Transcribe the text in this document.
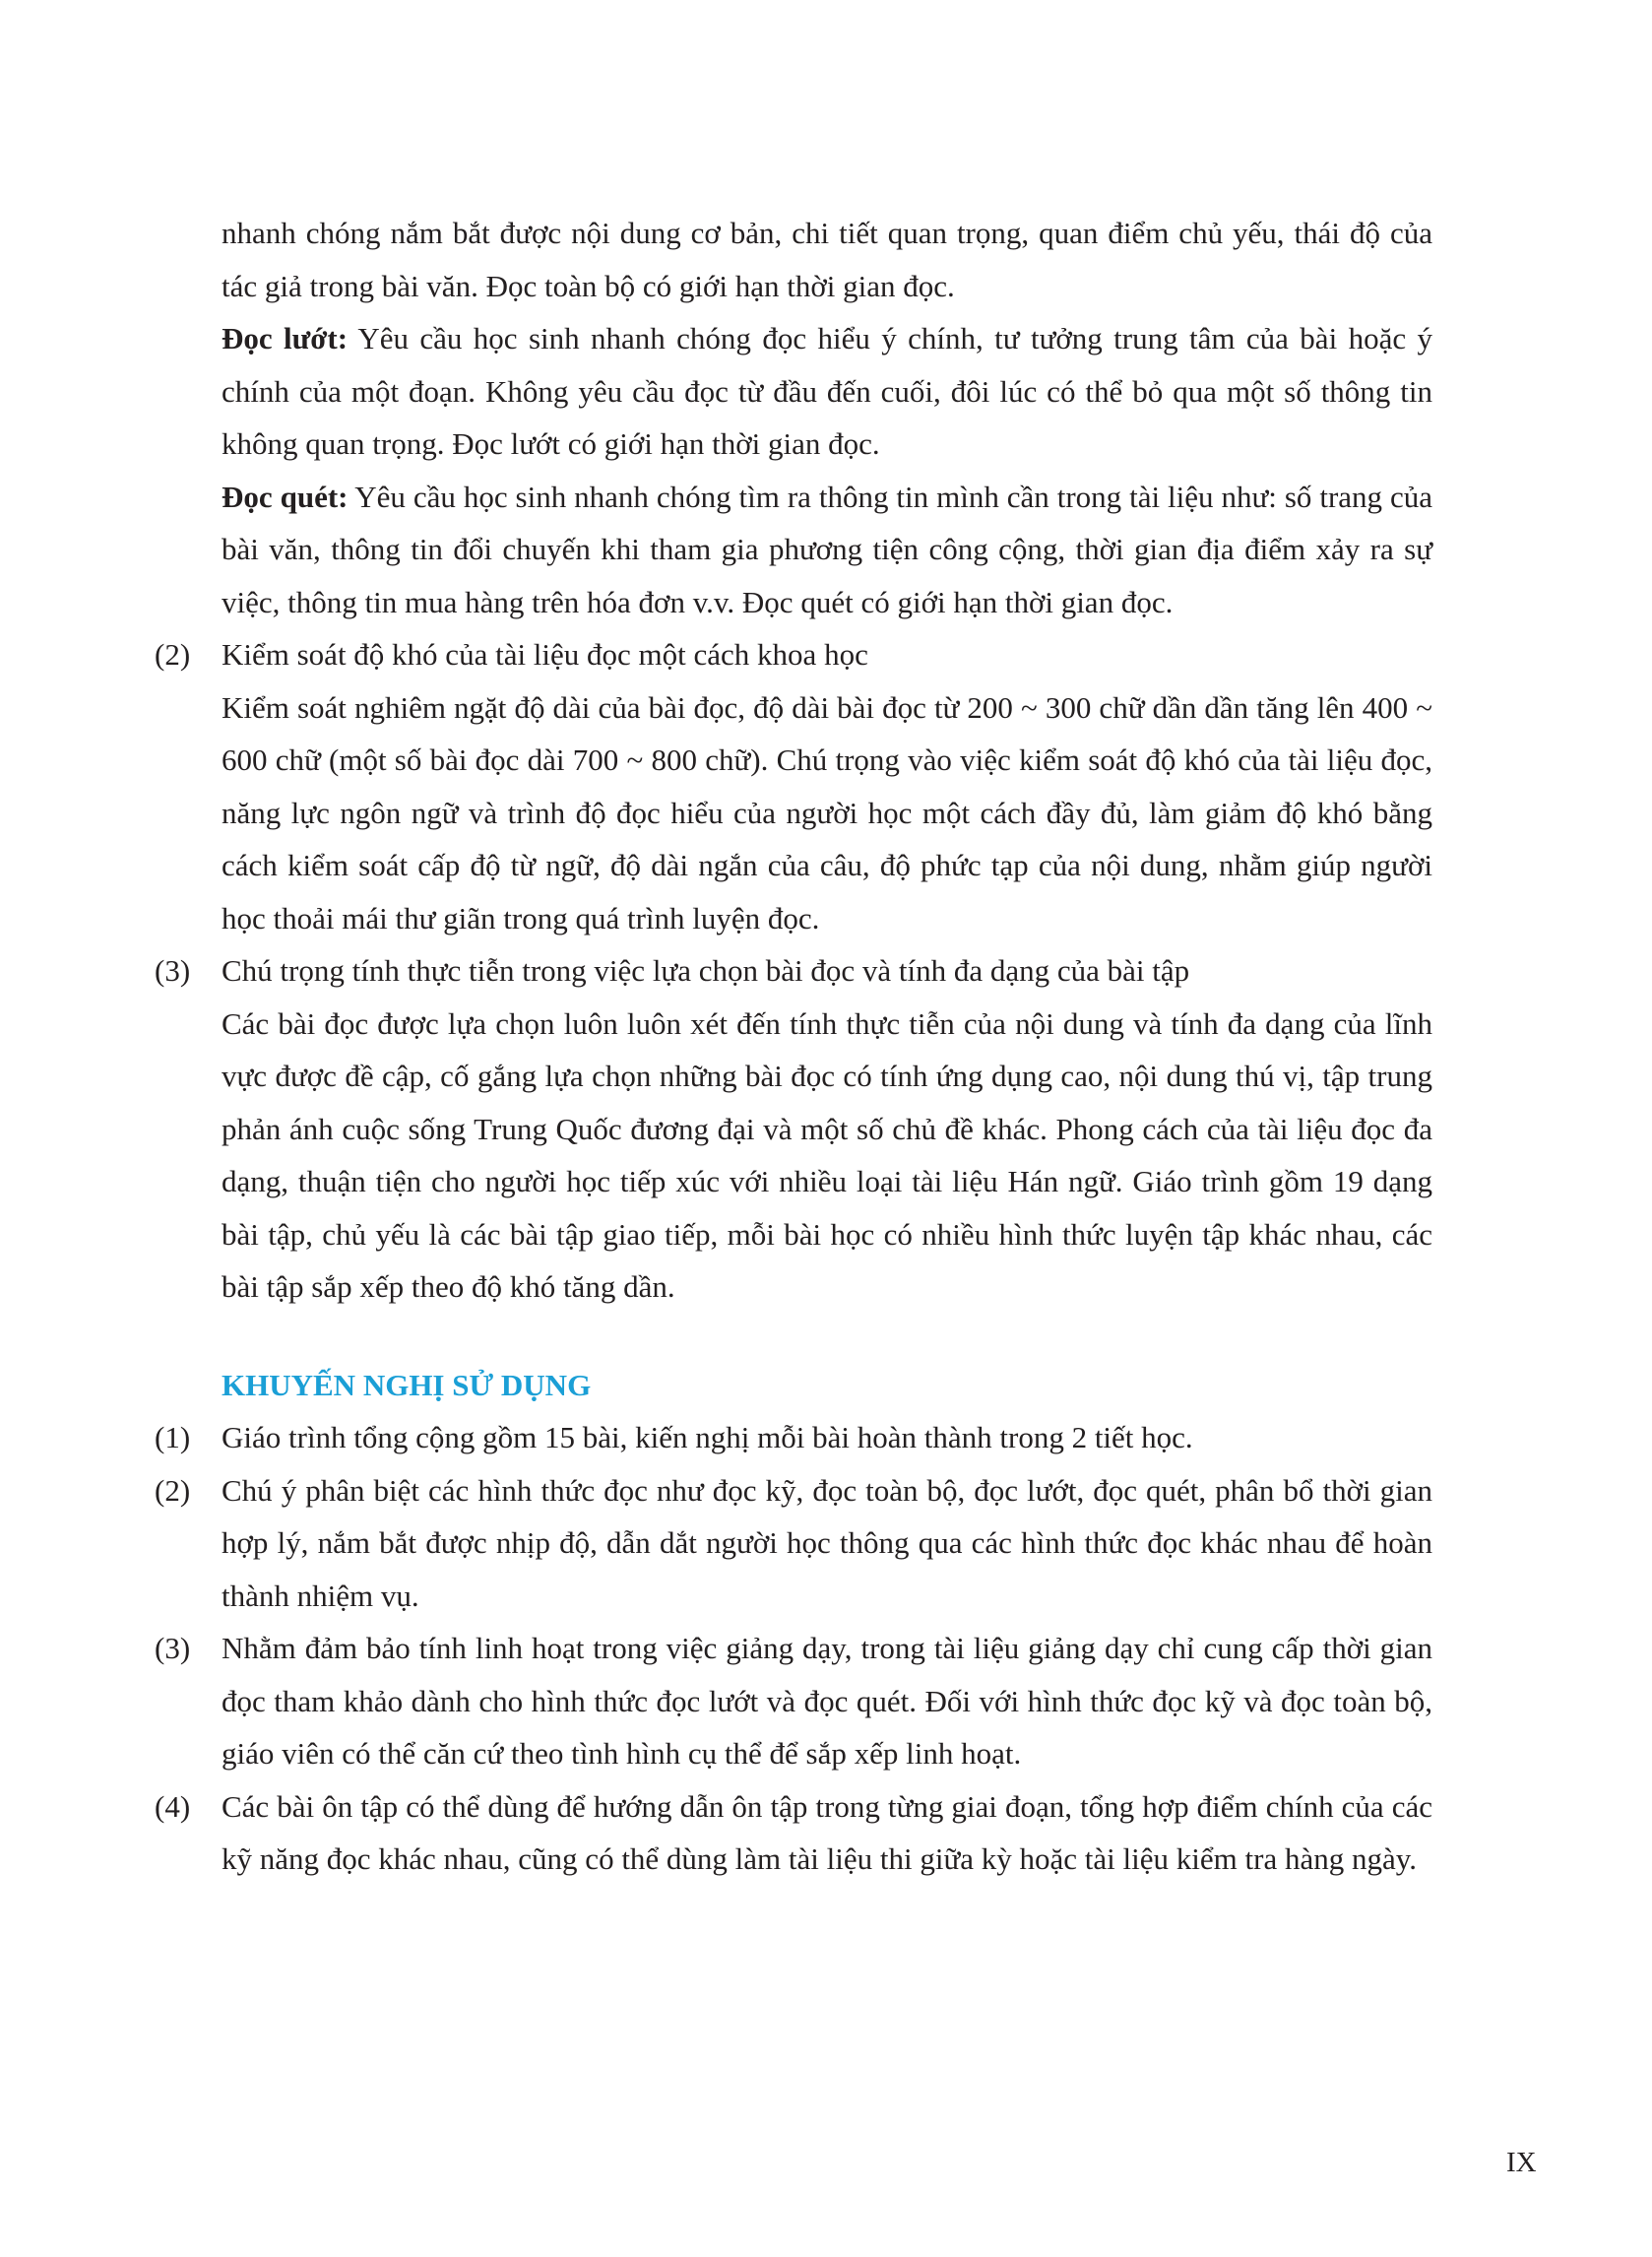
nhanh chóng nắm bắt được nội dung cơ bản, chi tiết quan trọng, quan điểm chủ yếu, thái độ của tác giả trong bài văn. Đọc toàn bộ có giới hạn thời gian đọc.

Đọc lướt: Yêu cầu học sinh nhanh chóng đọc hiểu ý chính, tư tưởng trung tâm của bài hoặc ý chính của một đoạn. Không yêu cầu đọc từ đầu đến cuối, đôi lúc có thể bỏ qua một số thông tin không quan trọng. Đọc lướt có giới hạn thời gian đọc.

Đọc quét: Yêu cầu học sinh nhanh chóng tìm ra thông tin mình cần trong tài liệu như: số trang của bài văn, thông tin đổi chuyến khi tham gia phương tiện công cộng, thời gian địa điểm xảy ra sự việc, thông tin mua hàng trên hóa đơn v.v. Đọc quét có giới hạn thời gian đọc.

(2) Kiểm soát độ khó của tài liệu đọc một cách khoa học

Kiểm soát nghiêm ngặt độ dài của bài đọc, độ dài bài đọc từ 200 ~ 300 chữ dần dần tăng lên 400 ~ 600 chữ (một số bài đọc dài 700 ~ 800 chữ). Chú trọng vào việc kiểm soát độ khó của tài liệu đọc, năng lực ngôn ngữ và trình độ đọc hiểu của người học một cách đầy đủ, làm giảm độ khó bằng cách kiểm soát cấp độ từ ngữ, độ dài ngắn của câu, độ phức tạp của nội dung, nhằm giúp người học thoải mái thư giãn trong quá trình luyện đọc.

(3) Chú trọng tính thực tiễn trong việc lựa chọn bài đọc và tính đa dạng của bài tập

Các bài đọc được lựa chọn luôn luôn xét đến tính thực tiễn của nội dung và tính đa dạng của lĩnh vực được đề cập, cố gắng lựa chọn những bài đọc có tính ứng dụng cao, nội dung thú vị, tập trung phản ánh cuộc sống Trung Quốc đương đại và một số chủ đề khác. Phong cách của tài liệu đọc đa dạng, thuận tiện cho người học tiếp xúc với nhiều loại tài liệu Hán ngữ. Giáo trình gồm 19 dạng bài tập, chủ yếu là các bài tập giao tiếp, mỗi bài học có nhiều hình thức luyện tập khác nhau, các bài tập sắp xếp theo độ khó tăng dần.

KHUYẾN NGHỊ SỬ DỤNG

(1) Giáo trình tổng cộng gồm 15 bài, kiến nghị mỗi bài hoàn thành trong 2 tiết học.

(2) Chú ý phân biệt các hình thức đọc như đọc kỹ, đọc toàn bộ, đọc lướt, đọc quét, phân bổ thời gian hợp lý, nắm bắt được nhịp độ, dẫn dắt người học thông qua các hình thức đọc khác nhau để hoàn thành nhiệm vụ.

(3) Nhằm đảm bảo tính linh hoạt trong việc giảng dạy, trong tài liệu giảng dạy chỉ cung cấp thời gian đọc tham khảo dành cho hình thức đọc lướt và đọc quét. Đối với hình thức đọc kỹ và đọc toàn bộ, giáo viên có thể căn cứ theo tình hình cụ thể để sắp xếp linh hoạt.

(4) Các bài ôn tập có thể dùng để hướng dẫn ôn tập trong từng giai đoạn, tổng hợp điểm chính của các kỹ năng đọc khác nhau, cũng có thể dùng làm tài liệu thi giữa kỳ hoặc tài liệu kiểm tra hàng ngày.

IX
